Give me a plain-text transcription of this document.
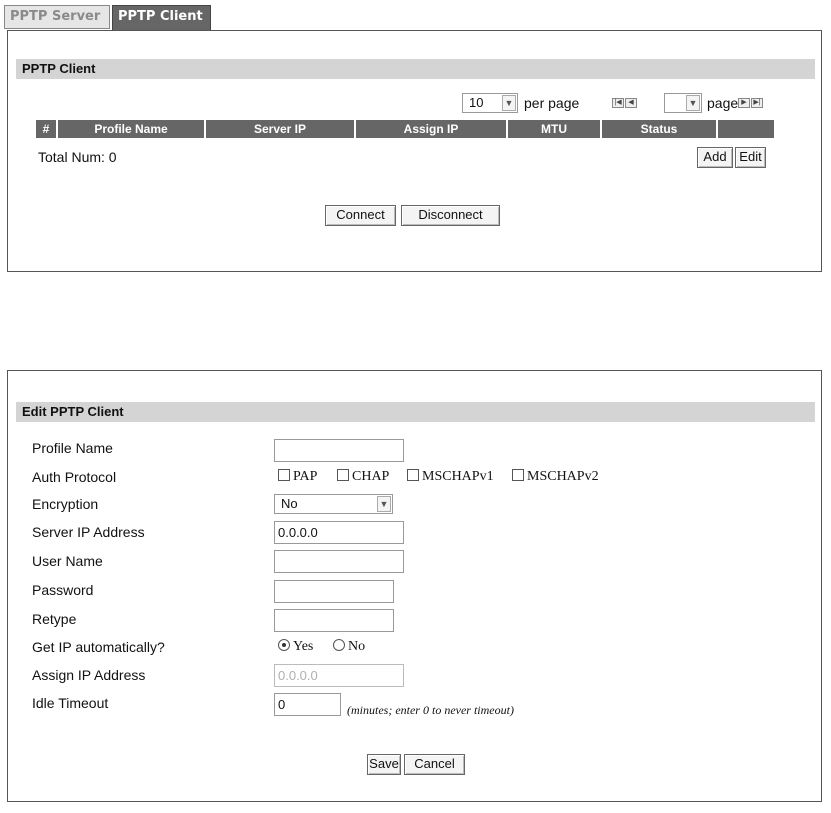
PPTP Server	PPTP Client
PPTP Client
10 ▼ per page	|◀ ◀	▼ page ▶ ▶|
#	Profile Name	Server IP	Assign IP	MTU	Status
Total Num: 0	Add Edit
Connect	Disconnect
Edit PPTP Client
Profile Name
Auth Protocol	PAP	CHAP	MSCHAPv1	MSCHAPv2
Encryption	No	▼
Server IP Address	0.0.0.0
User Name
Password
Retype
Get IP automatically?	Yes	No
Assign IP Address	0.0.0.0
Idle Timeout	0	(minutes; enter 0 to never timeout)
Save	Cancel
